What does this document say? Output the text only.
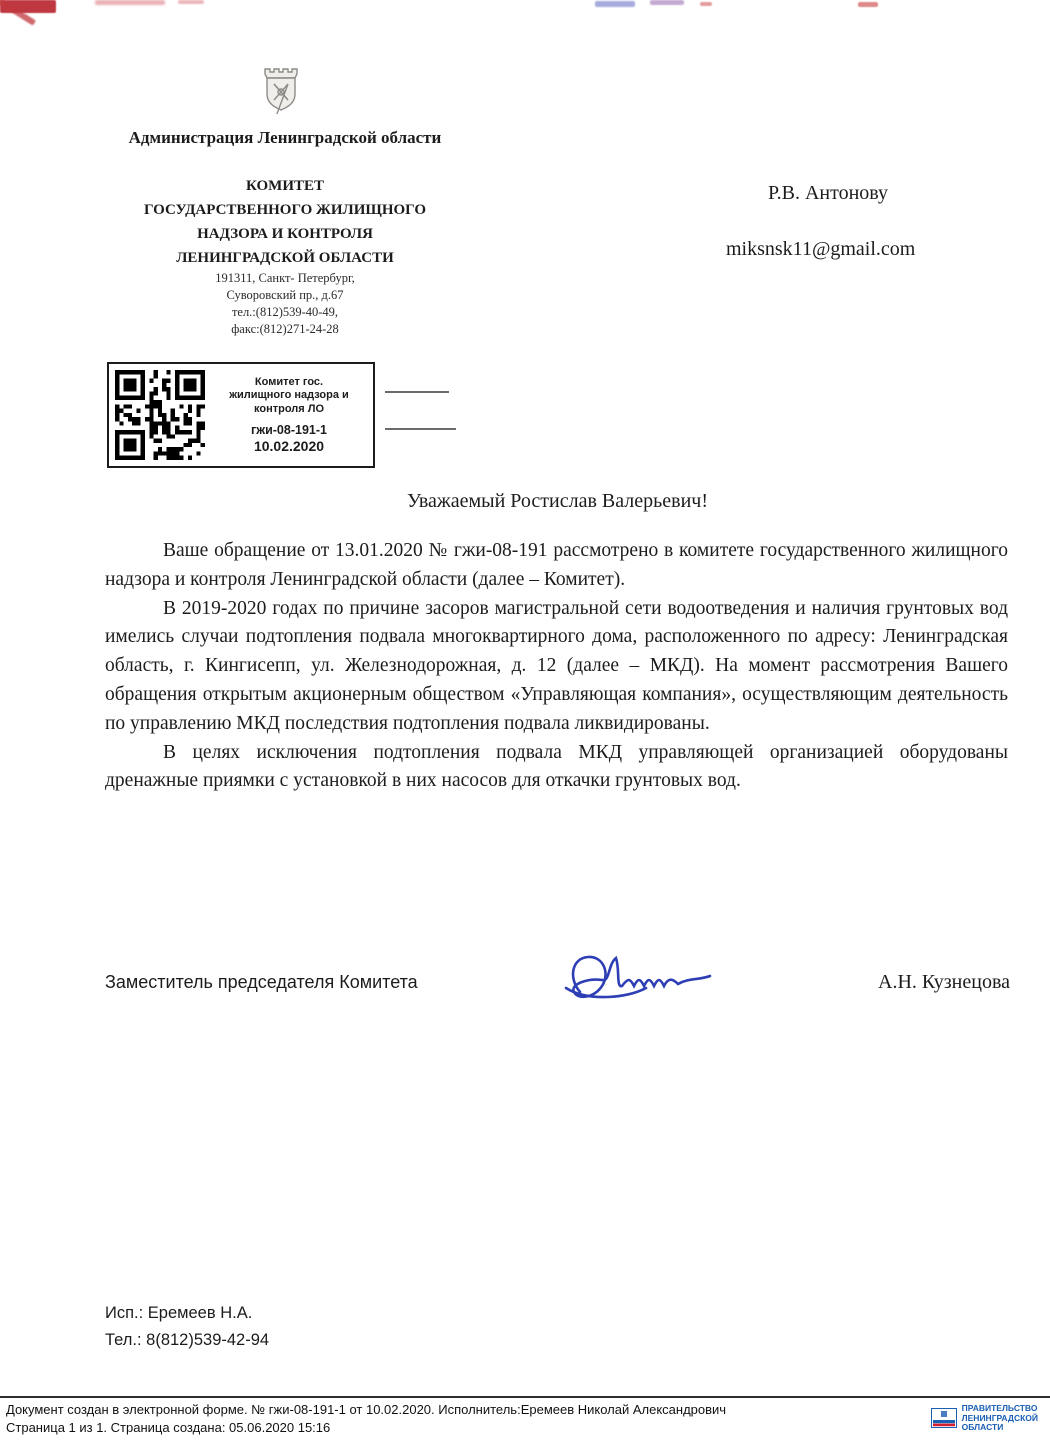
Администрация Ленинградской области
КОМИТЕТ
ГОСУДАРСТВЕННОГО ЖИЛИЩНОГО
НАДЗОРА И КОНТРОЛЯ
ЛЕНИНГРАДСКОЙ ОБЛАСТИ
191311, Санкт- Петербург,
Суворовский пр., д.67
тел.:(812)539-40-49,
факс:(812)271-24-28
Р.В. Антонову
miksnsk11@gmail.com
Комитет гос.
жилищного надзора и
контроля ЛО
гжи-08-191-1
10.02.2020
Уважаемый Ростислав Валерьевич!

Ваше обращение от 13.01.2020 № гжи-08-191 рассмотрено в комитете государственного жилищного надзора и контроля Ленинградской области (далее – Комитет).

В 2019-2020 годах по причине засоров магистральной сети водоотведения и наличия грунтовых вод имелись случаи подтопления подвала многоквартирного дома, расположенного по адресу: Ленинградская область, г. Кингисепп, ул. Железнодорожная, д. 12 (далее – МКД). На момент рассмотрения Вашего обращения открытым акционерным обществом «Управляющая компания», осуществляющим деятельность по управлению МКД последствия подтопления подвала ликвидированы.

В целях исключения подтопления подвала МКД управляющей организацией оборудованы дренажные приямки с установкой в них насосов для откачки грунтовых вод.

Заместитель председателя Комитета	А.Н. Кузнецова
Исп.: Еремеев Н.А.
Тел.: 8(812)539-42-94
Документ создан в электронной форме. № гжи-08-191-1 от 10.02.2020. Исполнитель:Еремеев Николай Александрович
Страница 1 из 1. Страница создана: 05.06.2020 15:16
ПРАВИТЕЛЬСТВО
ЛЕНИНГРАДСКОЙ
ОБЛАСТИ
